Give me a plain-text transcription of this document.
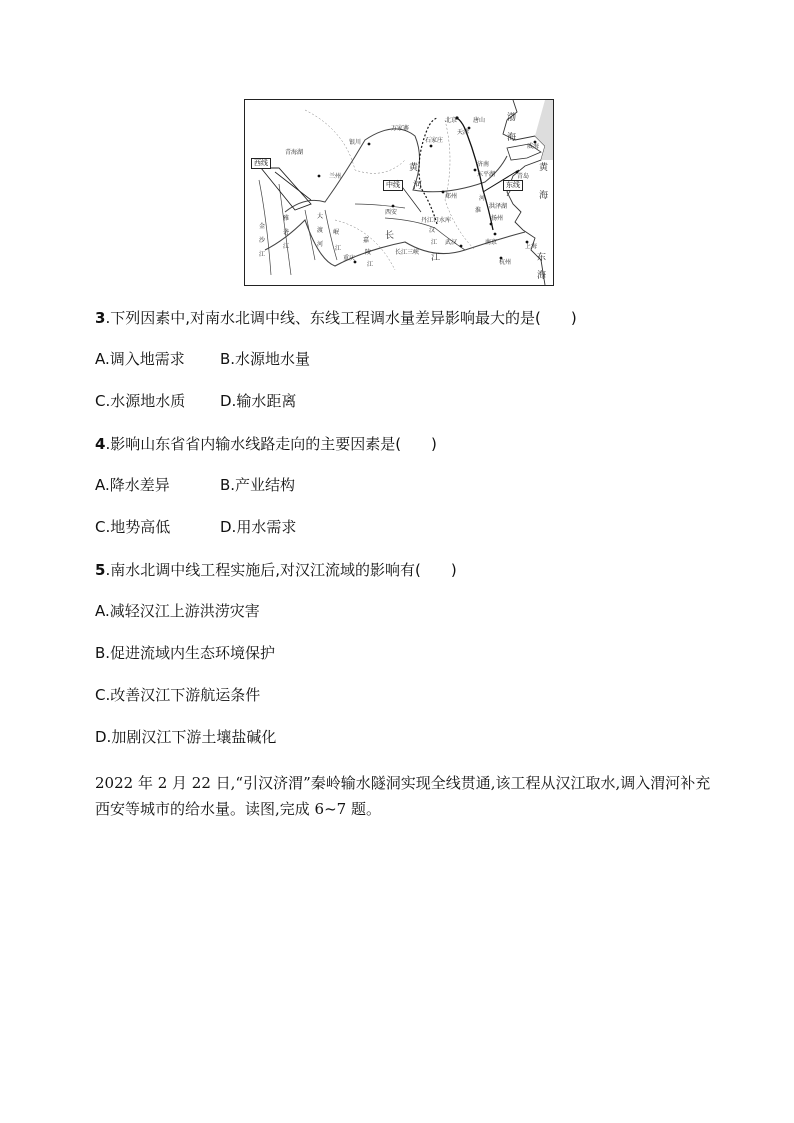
西线
中线	东线
北京
天津
石家庄
郑州
西安
兰州
银川
武汉	南京
扬州
杭州
上海
济南
青岛
重庆
威海
丹江口水库
长江三峡
东平湖
洪泽湖
万家寨
青海湖
唐山
黄
河
长
江
金
沙
江
雅
砻
江
大
渡
河
岷
江
汉
江
淮
河
嘉
陵
江
渤
海
黄
海
东
海
3.下列因素中,对南水北调中线、东线工程调水量差异影响最大的是(　　)
A.调入地需求 B.水源地水量
C.水源地水质 D.输水距离
4.影响山东省省内输水线路走向的主要因素是(　　)
A.降水差异	B.产业结构
C.地势高低	D.用水需求
5.南水北调中线工程实施后,对汉江流域的影响有(　　)
A.减轻汉江上游洪涝灾害
B.促进流域内生态环境保护
C.改善汉江下游航运条件
D.加剧汉江下游土壤盐碱化
2022 年 2 月 22 日,“引汉济渭”秦岭输水隧洞实现全线贯通,该工程从汉江取水,调入渭河补充西安等城市的给水量。读图,完成 6~7 题。
